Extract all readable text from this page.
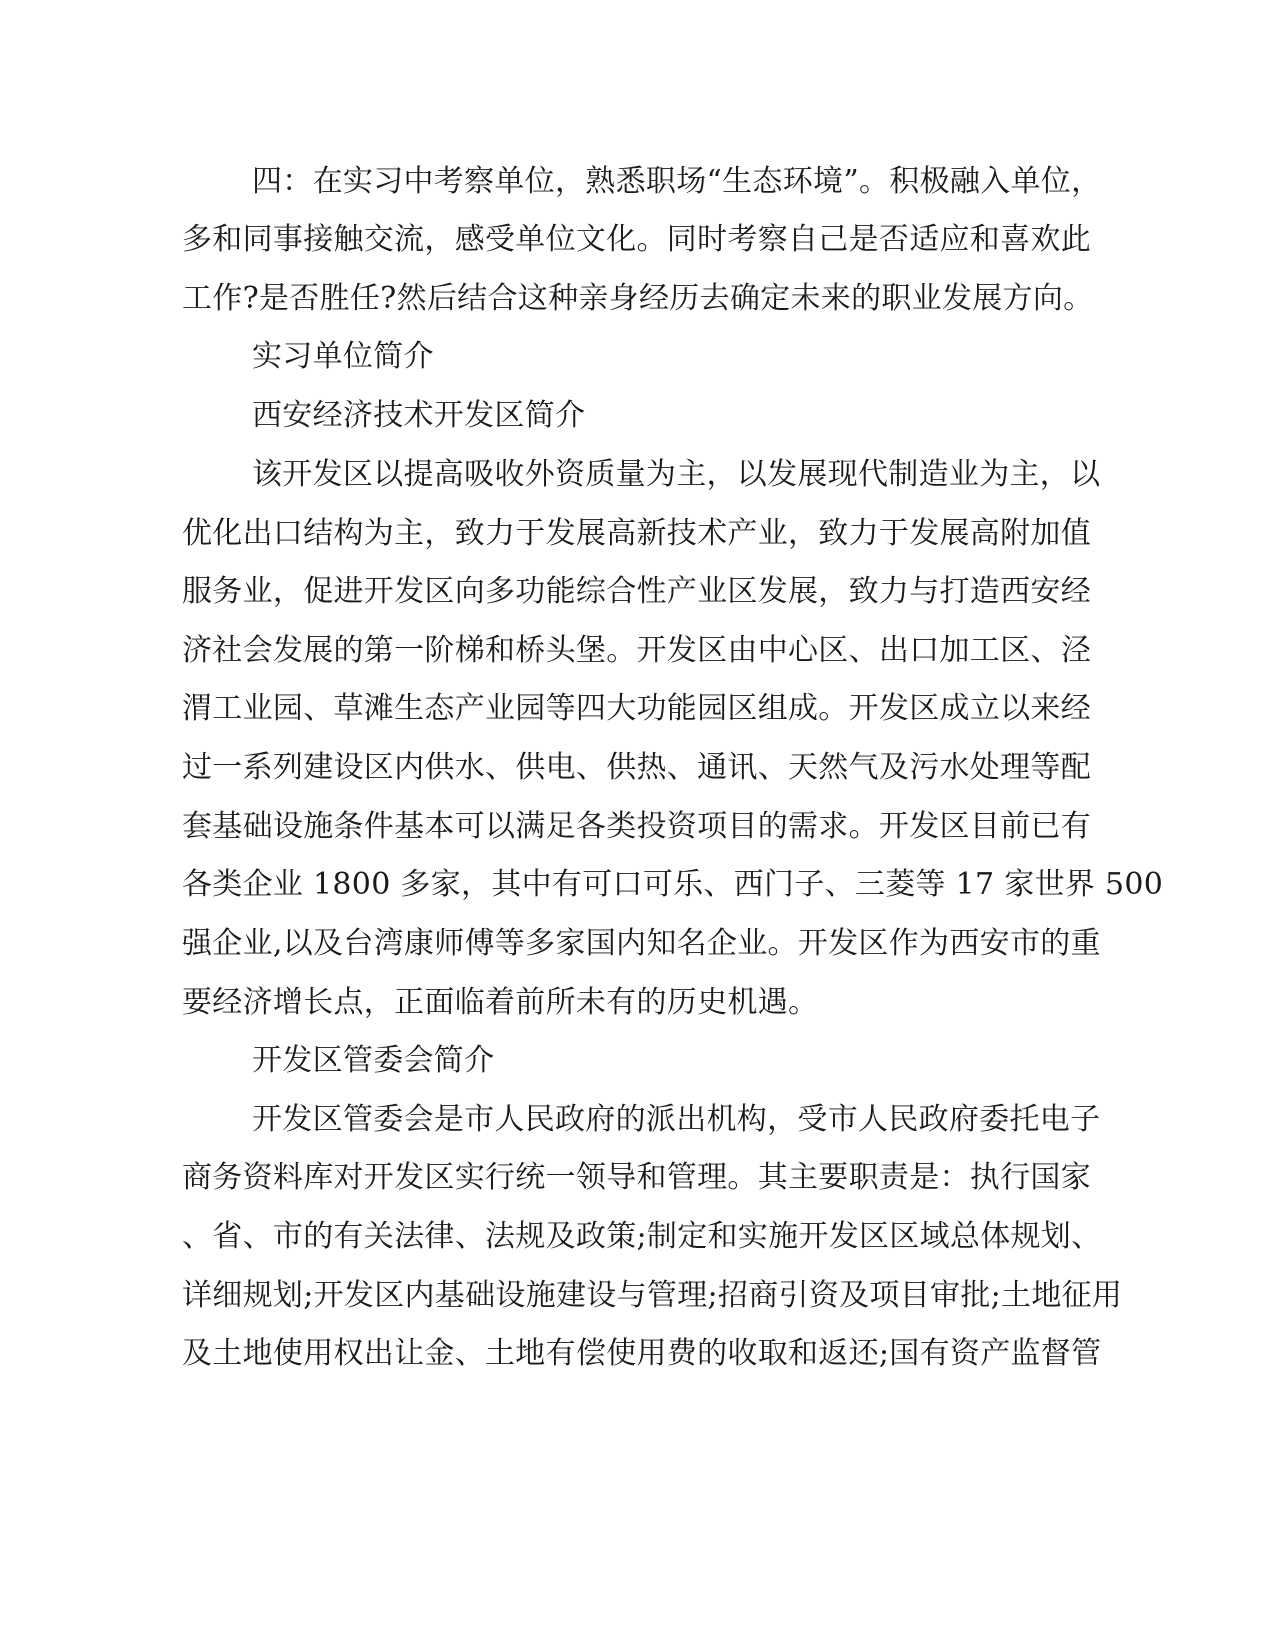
四：在实习中考察单位，熟悉职场“生态环境”。积极融入单位，
多和同事接触交流，感受单位文化。同时考察自己是否适应和喜欢此
工作?是否胜任?然后结合这种亲身经历去确定未来的职业发展方向。
实习单位简介
西安经济技术开发区简介
该开发区以提高吸收外资质量为主，以发展现代制造业为主，以
优化出口结构为主，致力于发展高新技术产业，致力于发展高附加值
服务业，促进开发区向多功能综合性产业区发展，致力与打造西安经
济社会发展的第一阶梯和桥头堡。开发区由中心区、出口加工区、泾
渭工业园、草滩生态产业园等四大功能园区组成。开发区成立以来经
过一系列建设区内供水、供电、供热、通讯、天然气及污水处理等配
套基础设施条件基本可以满足各类投资项目的需求。开发区目前已有
各类企业 1800 多家，其中有可口可乐、西门子、三菱等 17 家世界 500
强企业,以及台湾康师傅等多家国内知名企业。开发区作为西安市的重
要经济增长点，正面临着前所未有的历史机遇。
开发区管委会简介
开发区管委会是市人民政府的派出机构，受市人民政府委托电子
商务资料库对开发区实行统一领导和管理。其主要职责是：执行国家
、省、市的有关法律、法规及政策;制定和实施开发区区域总体规划、
详细规划;开发区内基础设施建设与管理;招商引资及项目审批;土地征用
及土地使用权出让金、土地有偿使用费的收取和返还;国有资产监督管
